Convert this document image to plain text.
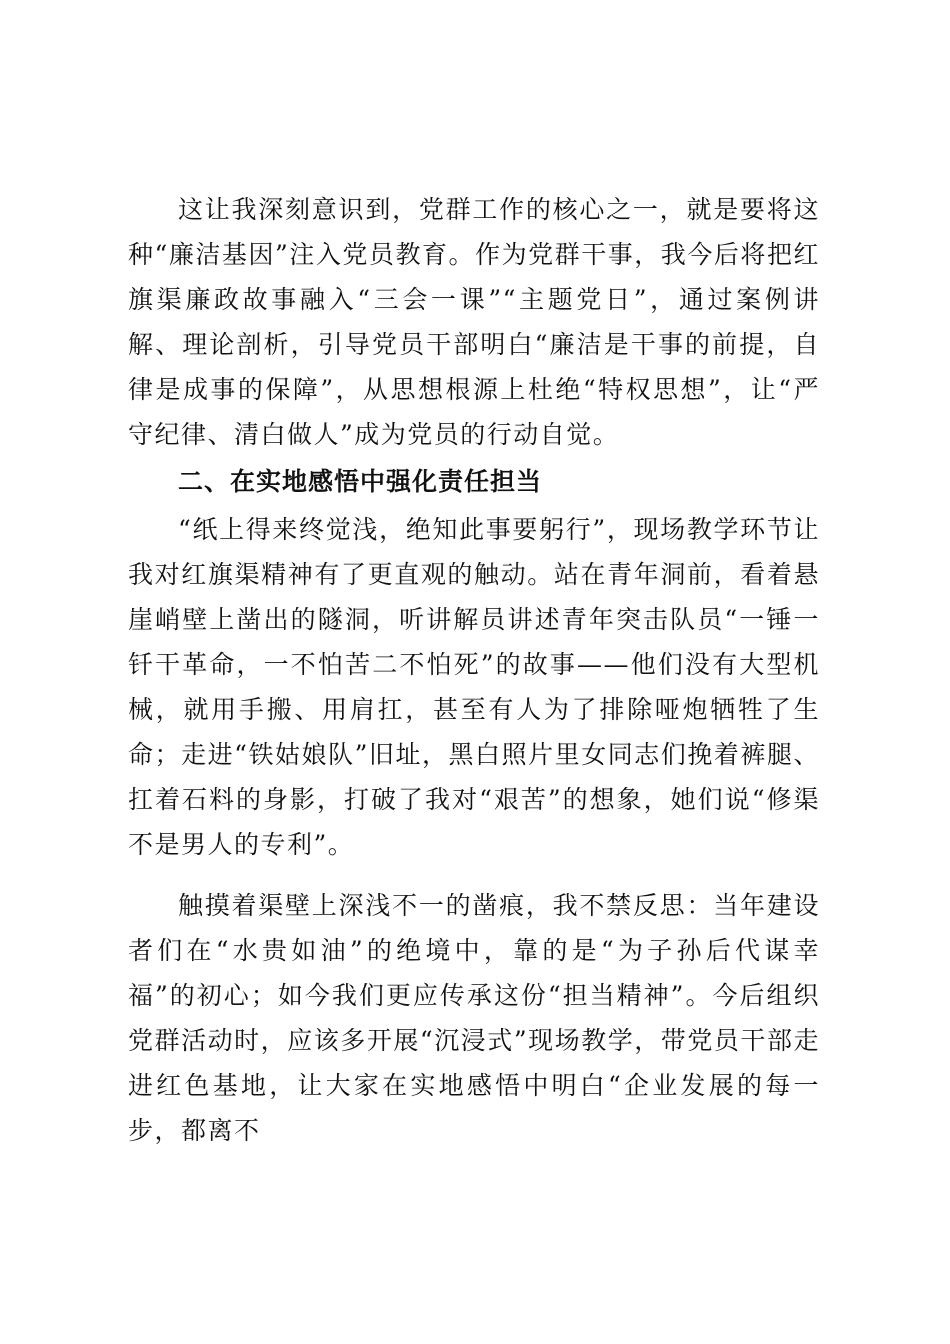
这让我深刻意识到，党群工作的核心之一，就是要将这种“廉洁基因”注入党员教育。作为党群干事，我今后将把红旗渠廉政故事融入“三会一课”“主题党日”，通过案例讲解、理论剖析，引导党员干部明白“廉洁是干事的前提，自律是成事的保障”，从思想根源上杜绝“特权思想”，让“严守纪律、清白做人”成为党员的行动自觉。

二、在实地感悟中强化责任担当

“纸上得来终觉浅，绝知此事要躬行”，现场教学环节让我对红旗渠精神有了更直观的触动。站在青年洞前，看着悬崖峭壁上凿出的隧洞，听讲解员讲述青年突击队员“一锤一钎干革命，一不怕苦二不怕死”的故事——他们没有大型机械，就用手搬、用肩扛，甚至有人为了排除哑炮牺牲了生命；走进“铁姑娘队”旧址，黑白照片里女同志们挽着裤腿、扛着石料的身影，打破了我对“艰苦”的想象，她们说“修渠不是男人的专利”。

触摸着渠壁上深浅不一的凿痕，我不禁反思：当年建设者们在“水贵如油”的绝境中，靠的是“为子孙后代谋幸福”的初心；如今我们更应传承这份“担当精神”。今后组织党群活动时，应该多开展“沉浸式”现场教学，带党员干部走进红色基地，让大家在实地感悟中明白“企业发展的每一步，都离不
